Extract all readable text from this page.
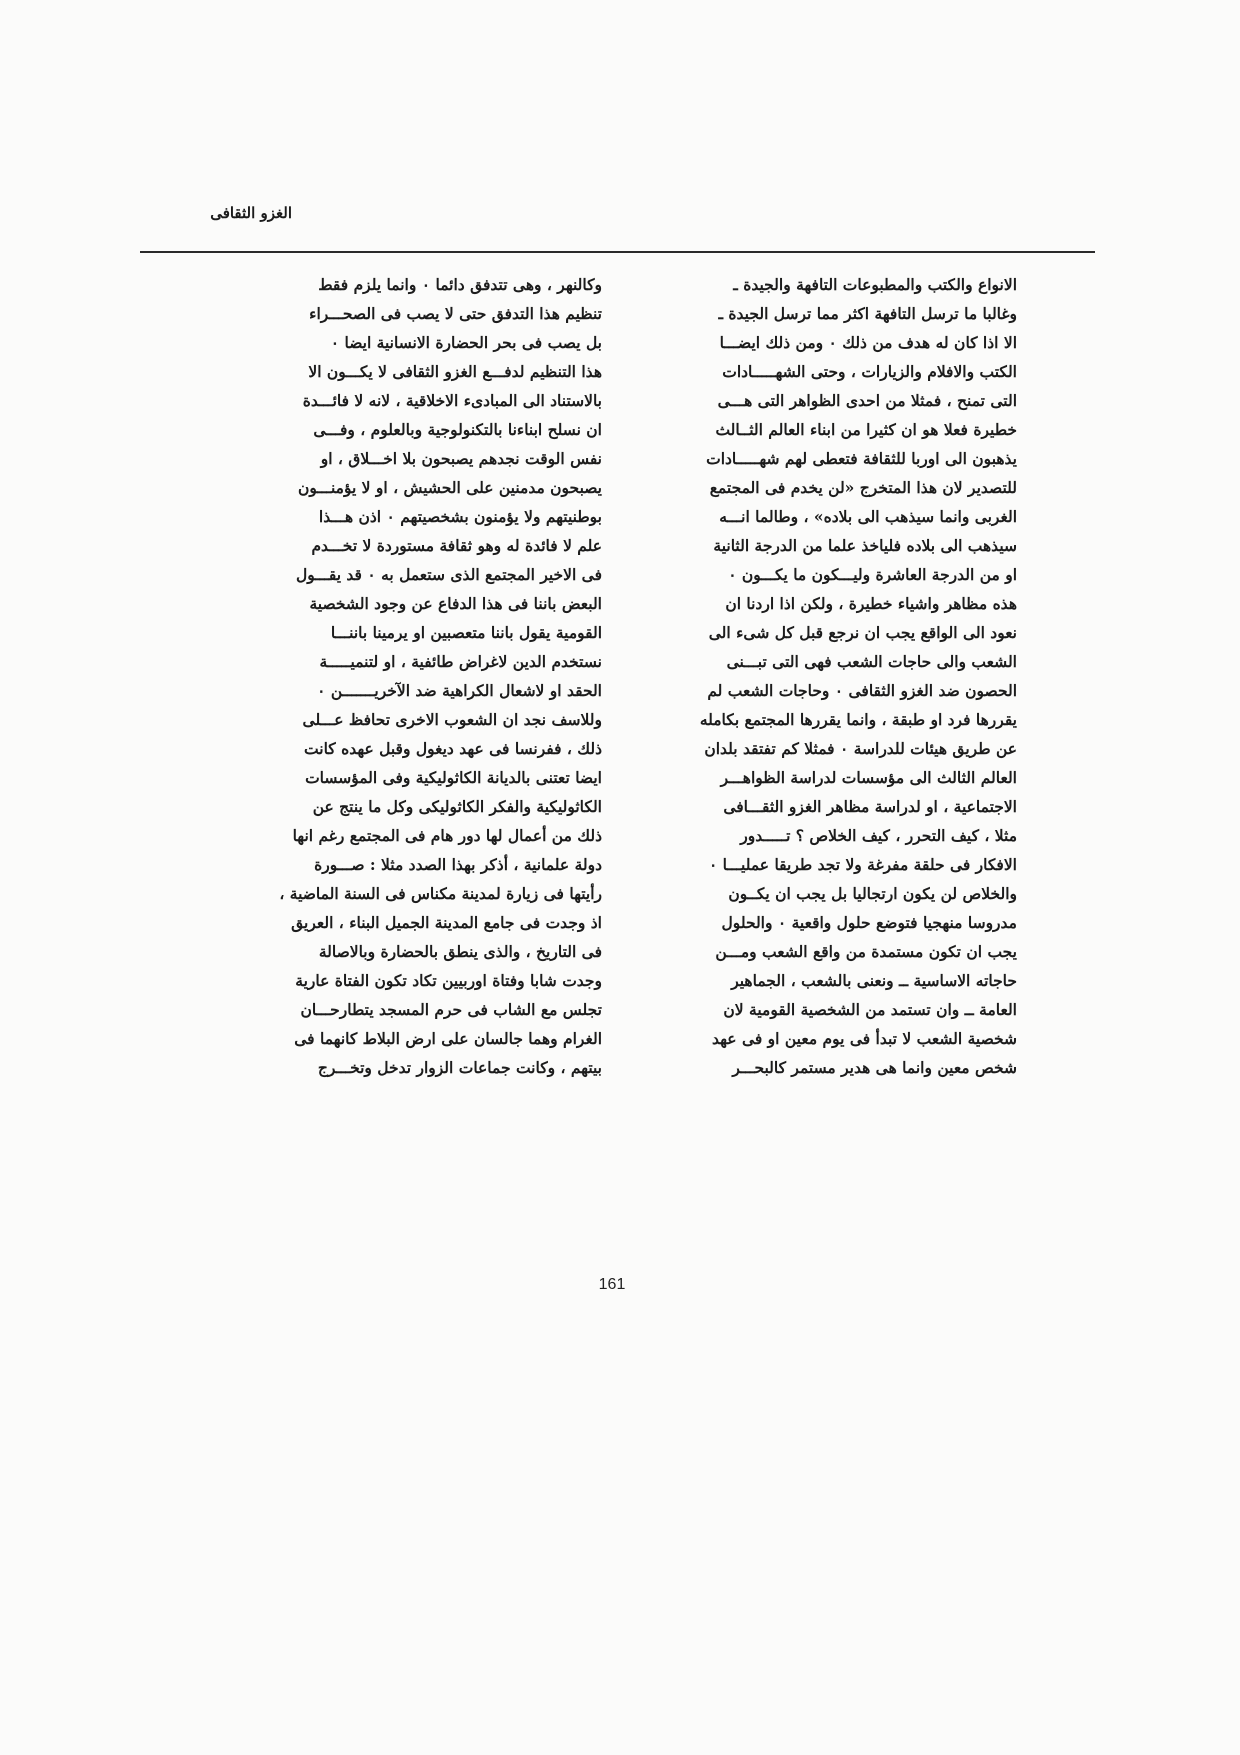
الغزو الثقافى
الانواع والكتب والمطبوعات التافهة والجيدة ـ
وغالبا ما ترسل التافهة اكثر مما ترسل الجيدة ـ
الا اذا كان له هدف من ذلك ٠ ومن ذلك ايضـــا
الكتب والافلام والزيارات ، وحتى الشهـــــادات
التى تمنح ، فمثلا من احدى الظواهر التى هـــى
خطيرة فعلا هو ان كثيرا من ابناء العالم الثــالث
يذهبون الى اوربا للثقافة فتعطى لهم شهـــــادات
للتصدير لان هذا المتخرج «لن يخدم فى المجتمع
الغربى وانما سيذهب الى بلاده» ، وطالما انـــه
سيذهب الى بلاده فلياخذ علما من الدرجة الثانية
او من الدرجة العاشرة وليـــكون ما يكـــون ٠
هذه مظاهر واشياء خطيرة ، ولكن اذا اردنا ان
نعود الى الواقع يجب ان نرجع قبل كل شىء الى
الشعب والى حاجات الشعب فهى التى تبـــنى
الحصون ضد الغزو الثقافى ٠ وحاجات الشعب لم
يقررها فرد او طبقة ، وانما يقررها المجتمع بكامله
عن طريق هيئات للدراسة ٠ فمثلا كم تفتقد بلدان
العالم الثالث الى مؤسسات لدراسة الظواهـــر
الاجتماعية ، او لدراسة مظاهر الغزو الثقـــافى
مثلا ، كيف التحرر ، كيف الخلاص ؟ تـــــدور
الافكار فى حلقة مفرغة ولا تجد طريقا عمليـــا ٠
والخلاص لن يكون ارتجاليا بل يجب ان يكــون
مدروسا منهجيا فتوضع حلول واقعية ٠ والحلول
يجب ان تكون مستمدة من واقع الشعب ومـــن
حاجاته الاساسية ــ ونعنى بالشعب ، الجماهير
العامة ــ وان تستمد من الشخصية القومية لان
شخصية الشعب لا تبدأ فى يوم معين او فى عهد
شخص معين وانما هى هدير مستمر كالبحـــر
وكالنهر ، وهى تتدفق دائما ٠ وانما يلزم فقط
تنظيم هذا التدفق حتى لا يصب فى الصحـــراء
بل يصب فى بحر الحضارة الانسانية ايضا ٠
هذا التنظيم لدفـــع الغزو الثقافى لا يكـــون الا
بالاستناد الى المبادىء الاخلاقية ، لانه لا فائـــدة
ان نسلح ابناءنا بالتكنولوجية وبالعلوم ، وفـــى
نفس الوقت نجدهم يصبحون بلا اخـــلاق ، او
يصبحون مدمنين على الحشيش ، او لا يؤمنـــون
بوطنيتهم ولا يؤمنون بشخصيتهم ٠ اذن هـــذا
علم لا فائدة له وهو ثقافة مستوردة لا تخـــدم
فى الاخير المجتمع الذى ستعمل به ٠ قد يقـــول
البعض باننا فى هذا الدفاع عن وجود الشخصية
القومية يقول باننا متعصبين او يرمينا باننـــا
نستخدم الدين لاغراض طائفية ، او لتنميـــــة
الحقد او لاشعال الكراهية ضد الآخريـــــــن ٠
وللاسف نجد ان الشعوب الاخرى تحافظ عـــلى
ذلك ، ففرنسا فى عهد ديغول وقبل عهده كانت
ايضا تعتنى بالديانة الكاثوليكية وفى المؤسسات
الكاثوليكية والفكر الكاثوليكى وكل ما ينتج عن
ذلك من أعمال لها دور هام فى المجتمع رغم انها
دولة علمانية ، أذكر بهذا الصدد مثلا : صـــورة
رأيتها فى زيارة لمدينة مكناس فى السنة الماضية ،
اذ وجدت فى جامع المدينة الجميل البناء ، العريق
فى التاريخ ، والذى ينطق بالحضارة وبالاصالة
وجدت شابا وفتاة اوربيين تكاد تكون الفتاة عارية
تجلس مع الشاب فى حرم المسجد يتطارحـــان
الغرام وهما جالسان على ارض البلاط كانهما فى
بيتهم ، وكانت جماعات الزوار تدخل وتخـــرج
161
